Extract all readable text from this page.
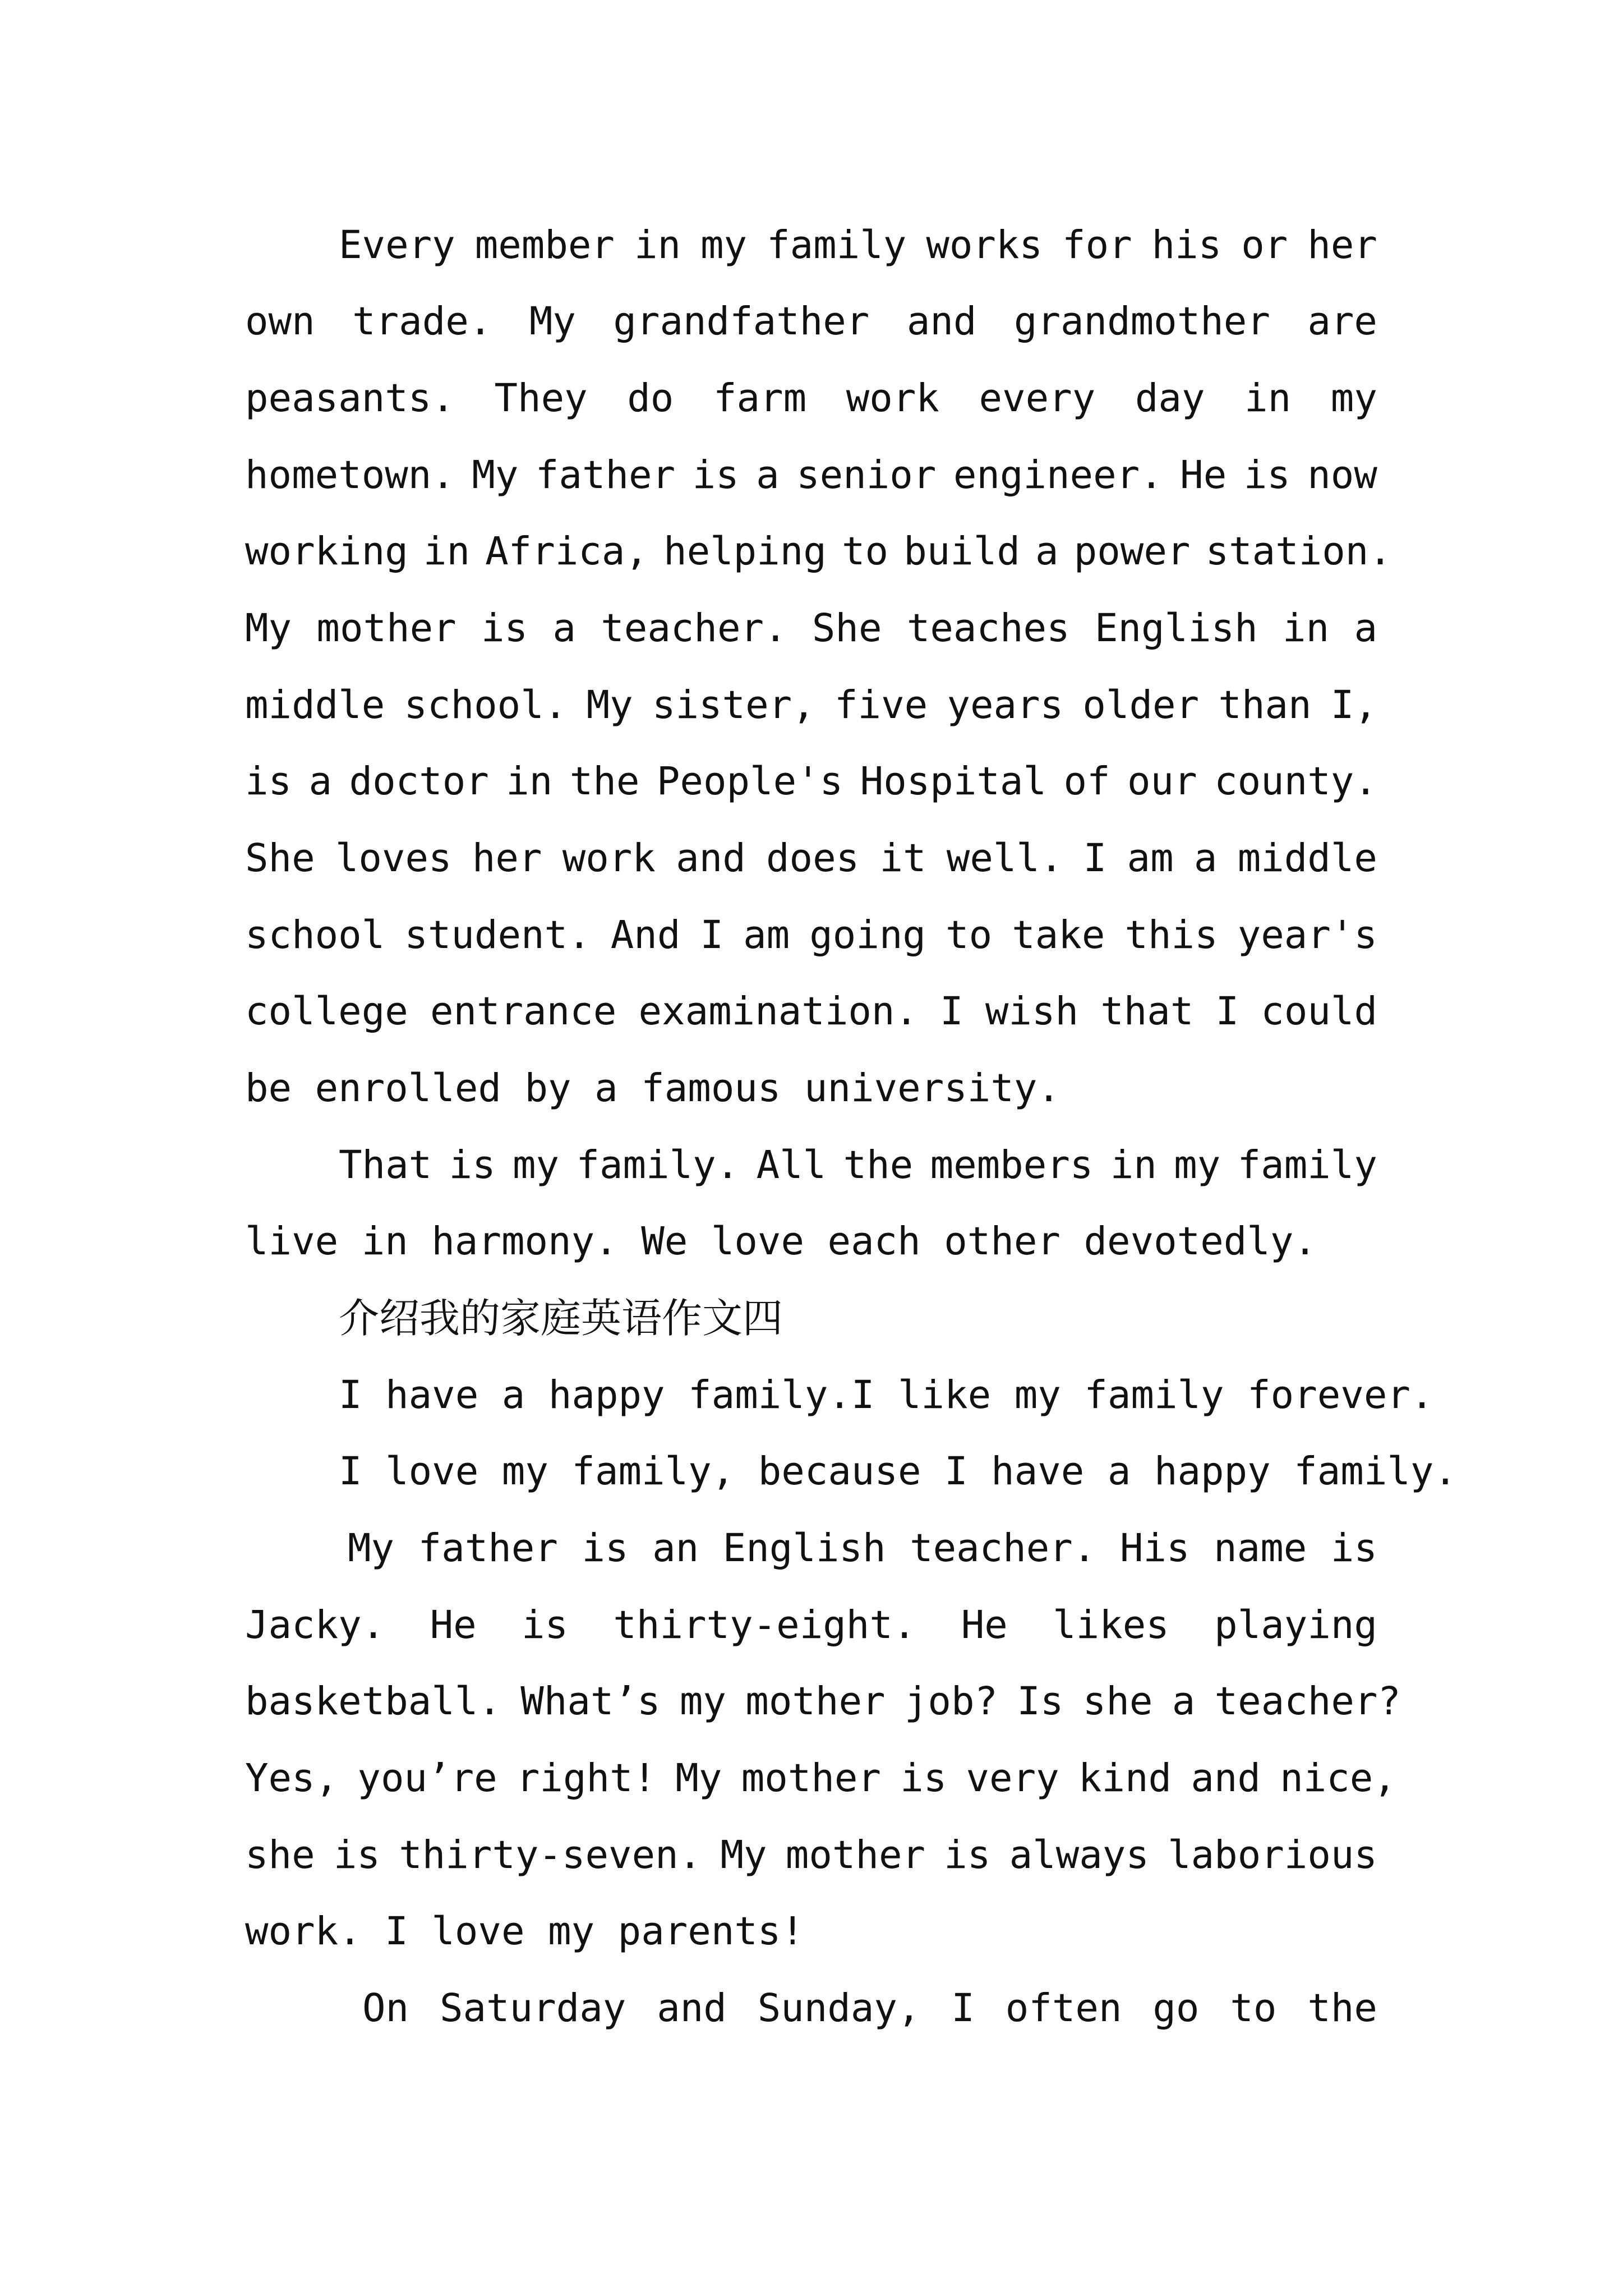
Every member in my family works for his or her
own trade. My grandfather and grandmother are
peasants. They do farm work every day in my
hometown. My father is a senior engineer. He is now
working in Africa, helping to build a power station.
My mother is a teacher. She teaches English in a
middle school. My sister, five years older than I,
is a doctor in the People's Hospital of our county.
She loves her work and does it well. I am a middle
school student. And I am going to take this year's
college entrance examination. I wish that I could
be enrolled by a famous university.
That is my family. All the members in my family
live in harmony. We love each other devotedly.
介绍我的家庭英语作文四
I have a happy family.I like my family forever.
I love my family, because I have a happy family.
My father is an English teacher. His name is
Jacky. He is thirty-eight. He likes playing
basketball. What’s my mother job? Is she a teacher?
Yes, you’re right! My mother is very kind and nice,
she is thirty-seven. My mother is always laborious
work. I love my parents!
On Saturday and Sunday, I often go to the
